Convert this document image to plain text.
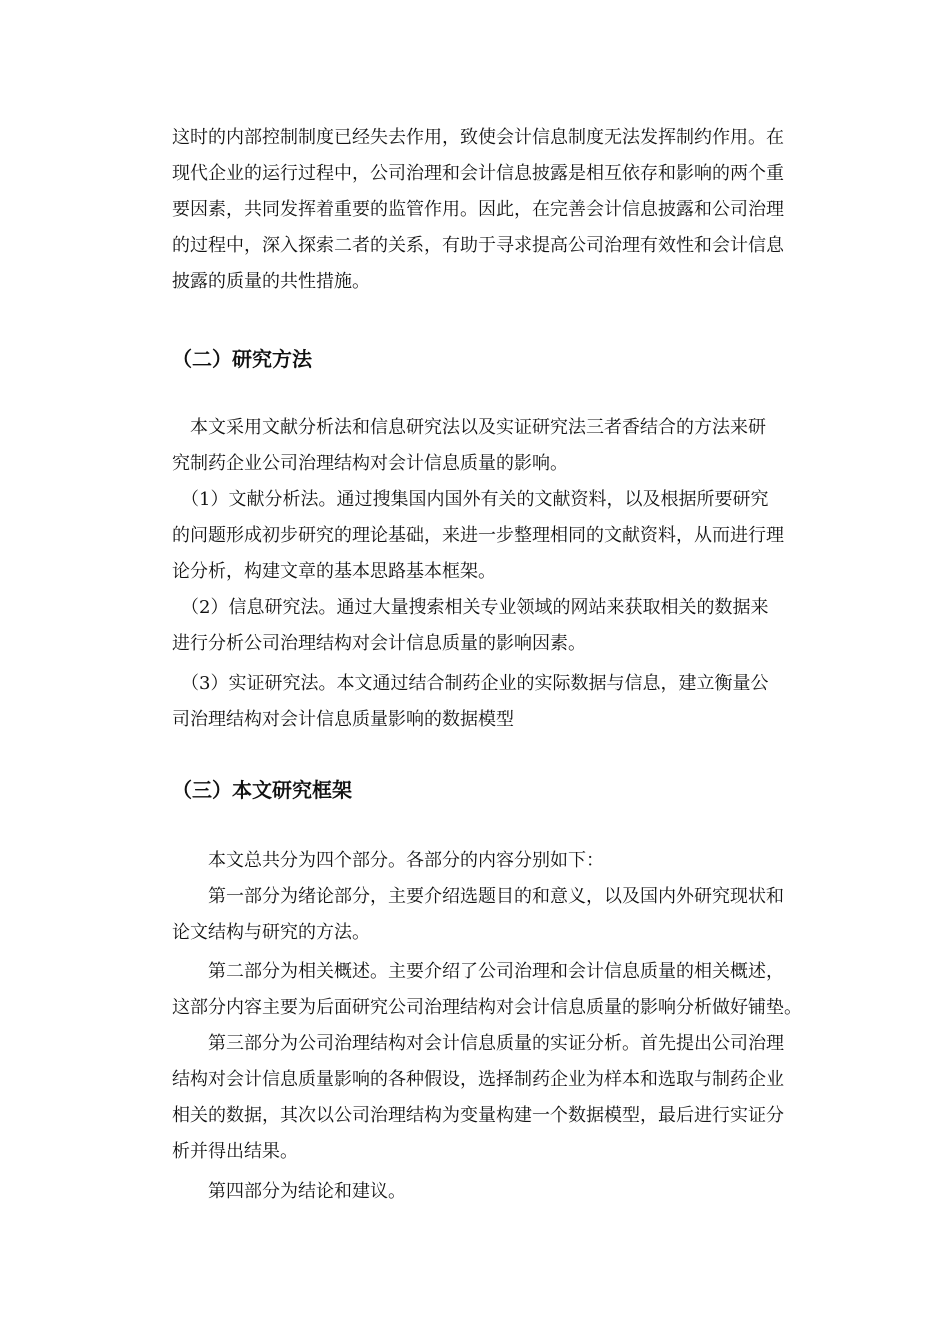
这时的内部控制制度已经失去作用，致使会计信息制度无法发挥制约作用。在

现代企业的运行过程中，公司治理和会计信息披露是相互依存和影响的两个重

要因素，共同发挥着重要的监管作用。因此，在完善会计信息披露和公司治理

的过程中，深入探索二者的关系，有助于寻求提高公司治理有效性和会计信息

披露的质量的共性措施。

（二）研究方法

　本文采用文献分析法和信息研究法以及实证研究法三者香结合的方法来研

究制药企业公司治理结构对会计信息质量的影响。

　（1）文献分析法。通过搜集国内国外有关的文献资料，以及根据所要研究

的问题形成初步研究的理论基础，来进一步整理相同的文献资料，从而进行理

论分析，构建文章的基本思路基本框架。

　（2）信息研究法。通过大量搜索相关专业领域的网站来获取相关的数据来

进行分析公司治理结构对会计信息质量的影响因素。

　（3）实证研究法。本文通过结合制药企业的实际数据与信息，建立衡量公

司治理结构对会计信息质量影响的数据模型

（三）本文研究框架

　　本文总共分为四个部分。各部分的内容分别如下：

　　第一部分为绪论部分，主要介绍选题目的和意义，以及国内外研究现状和

论文结构与研究的方法。

　　第二部分为相关概述。主要介绍了公司治理和会计信息质量的相关概述，

这部分内容主要为后面研究公司治理结构对会计信息质量的影响分析做好铺垫。

　　第三部分为公司治理结构对会计信息质量的实证分析。首先提出公司治理

结构对会计信息质量影响的各种假设，选择制药企业为样本和选取与制药企业

相关的数据，其次以公司治理结构为变量构建一个数据模型，最后进行实证分

析并得出结果。

　　第四部分为结论和建议。
